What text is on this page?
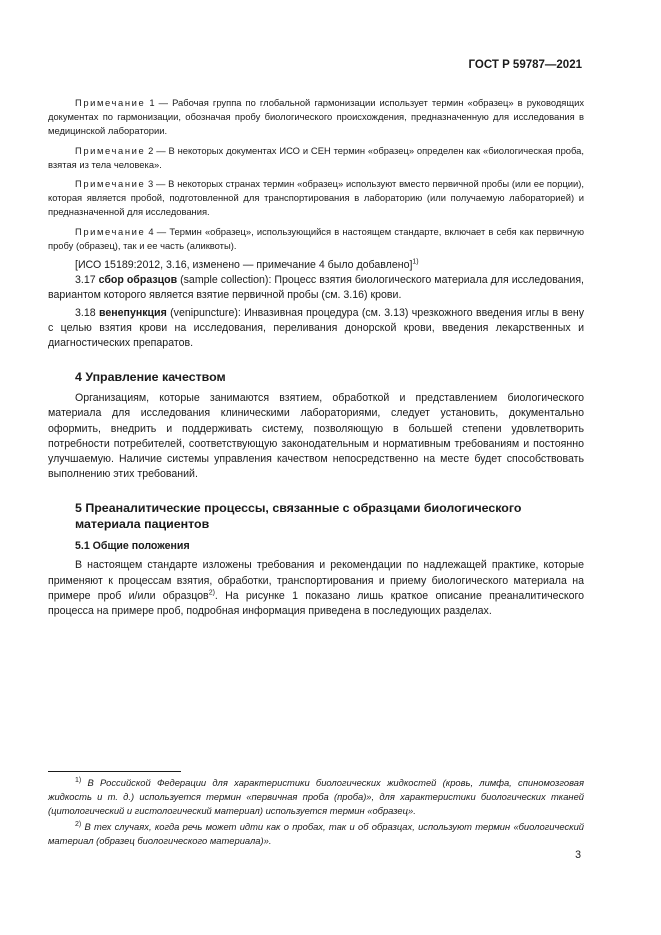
ГОСТ Р 59787—2021

Примечание 1 — Рабочая группа по глобальной гармонизации использует термин «образец» в руководящих документах по гармонизации, обозначая пробу биологического происхождения, предназначенную для исследования в медицинской лаборатории.

Примечание 2 — В некоторых документах ИСО и СЕН термин «образец» определен как «биологическая проба, взятая из тела человека».

Примечание 3 — В некоторых странах термин «образец» используют вместо первичной пробы (или ее порции), которая является пробой, подготовленной для транспортирования в лабораторию (или получаемую лабораторией) и предназначенной для исследования.

Примечание 4 — Термин «образец», использующийся в настоящем стандарте, включает в себя как первичную пробу (образец), так и ее часть (аликвоты).

[ИСО 15189:2012, 3.16, изменено — примечание 4 было добавлено]$^{1)}$

3.17 сбор образцов (sample collection): Процесс взятия биологического материала для исследования, вариантом которого является взятие первичной пробы (см. 3.16) крови.

3.18 венепункция (venipuncture): Инвазивная процедура (см. 3.13) чрезкожного введения иглы в вену с целью взятия крови на исследования, переливания донорской крови, введения лекарственных и диагностических препаратов.

4 Управление качеством

Организациям, которые занимаются взятием, обработкой и представлением биологического материала для исследования клиническими лабораториями, следует установить, документально оформить, внедрить и поддерживать систему, позволяющую в большей степени удовлетворить потребности потребителей, соответствующую законодательным и нормативным требованиям и постоянно улучшаемую. Наличие системы управления качеством непосредственно на месте будет способствовать выполнению этих требований.

5 Преаналитические процессы, связанные с образцами биологического материала пациентов
5.1 Общие положения

В настоящем стандарте изложены требования и рекомендации по надлежащей практике, которые применяют к процессам взятия, обработки, транспортирования и приему биологического материала на примере проб и/или образцов$^{2)}$. На рисунке 1 показано лишь краткое описание преаналитического процесса на примере проб, подробная информация приведена в последующих разделах.

$^{1)}$ В Российской Федерации для характеристики биологических жидкостей (кровь, лимфа, спиномозговая жидкость и т. д.) используется термин «первичная проба (проба)», для характеристики биологических тканей (цитологический и гистологический материал) используется термин «образец».

$^{2)}$ В тех случаях, когда речь может идти как о пробах, так и об образцах, используют термин «биологический материал (образец биологического материала)».

3
